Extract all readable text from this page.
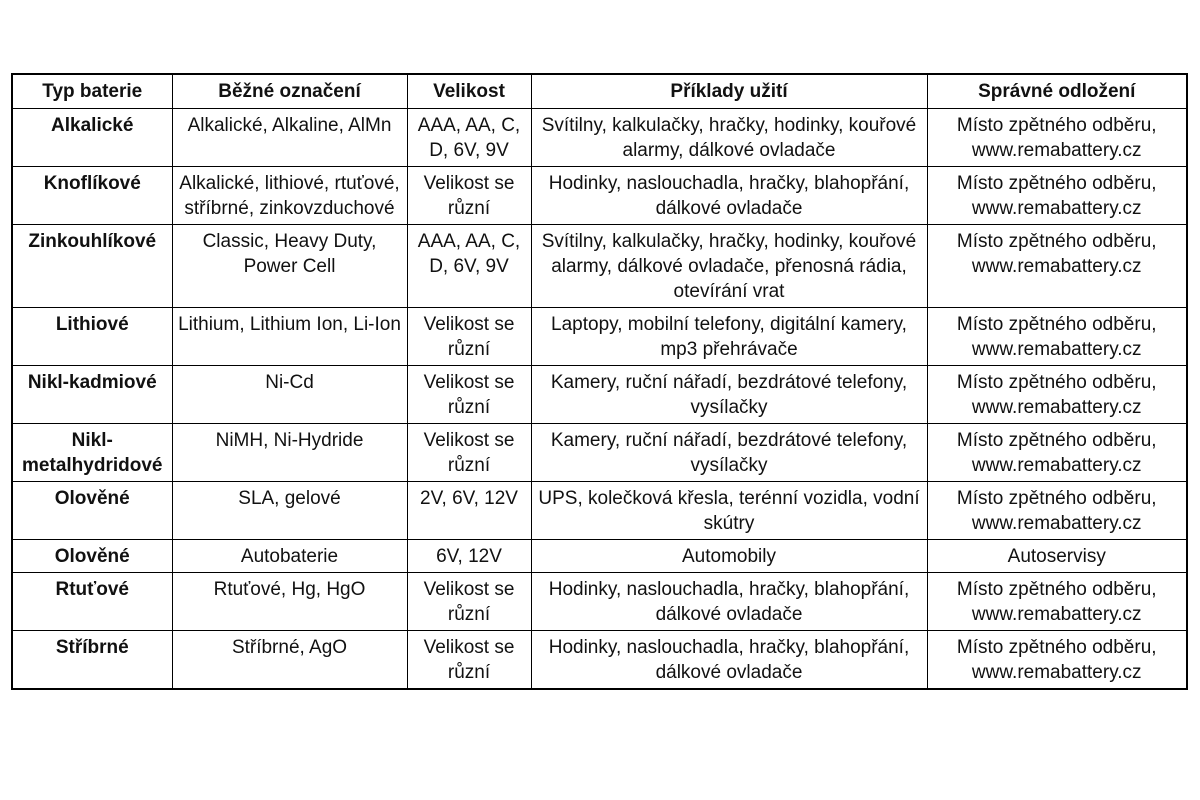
Typ baterie	Běžné označení	Velikost	Příklady užití	Správné odložení
Alkalické	Alkalické, Alkaline, AlMn	AAA, AA, C, D, 6V, 9V	Svítilny, kalkulačky, hračky, hodinky, kouřové alarmy, dálkové ovladače	Místo zpětného odběru, www.remabattery.cz
Knoflíkové	Alkalické, lithiové, rtuťové, stříbrné, zinkovzduchové	Velikost se různí	Hodinky, naslouchadla, hračky, blahopřání, dálkové ovladače	Místo zpětného odběru, www.remabattery.cz
Zinkouhlíkové	Classic, Heavy Duty, Power Cell	AAA, AA, C, D, 6V, 9V	Svítilny, kalkulačky, hračky, hodinky, kouřové alarmy, dálkové ovladače, přenosná rádia, otevírání vrat	Místo zpětného odběru, www.remabattery.cz
Lithiové	Lithium, Lithium Ion, Li-Ion	Velikost se různí	Laptopy, mobilní telefony, digitální kamery, mp3 přehrávače	Místo zpětného odběru, www.remabattery.cz
Nikl-kadmiové	Ni-Cd	Velikost se různí	Kamery, ruční nářadí, bezdrátové telefony, vysílačky	Místo zpětného odběru, www.remabattery.cz
Nikl-metalhydridové	NiMH, Ni-Hydride	Velikost se různí	Kamery, ruční nářadí, bezdrátové telefony, vysílačky	Místo zpětného odběru, www.remabattery.cz
Olověné	SLA, gelové	2V, 6V, 12V	UPS, kolečková křesla, terénní vozidla, vodní skútry	Místo zpětného odběru, www.remabattery.cz
Olověné	Autobaterie	6V, 12V	Automobily	Autoservisy
Rtuťové	Rtuťové, Hg, HgO	Velikost se různí	Hodinky, naslouchadla, hračky, blahopřání, dálkové ovladače	Místo zpětného odběru, www.remabattery.cz
Stříbrné	Stříbrné, AgO	Velikost se různí	Hodinky, naslouchadla, hračky, blahopřání, dálkové ovladače	Místo zpětného odběru, www.remabattery.cz
